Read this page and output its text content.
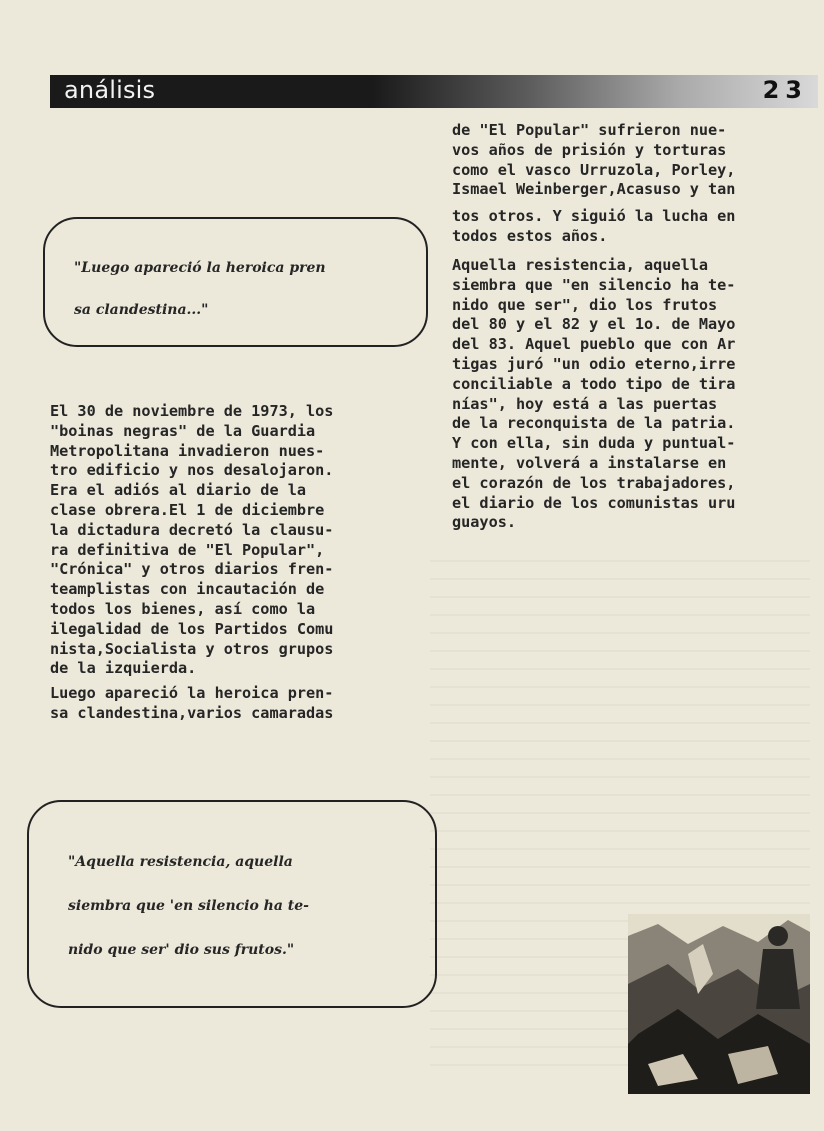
análisis	23

"Luego apareció la heroica pren
sa clandestina..."

El 30 de noviembre de 1973, los
"boinas negras" de la Guardia
Metropolitana invadieron nues-
tro edificio y nos desalojaron.
Era el adiós al diario de la
clase obrera.El 1 de diciembre
la dictadura decretó la clausu-
ra definitiva de "El Popular",
"Crónica" y otros diarios fren-
teamplistas con incautación de
todos los bienes, así como la
ilegalidad de los Partidos Comu
nista,Socialista y otros grupos
de la izquierda.

Luego apareció la heroica pren-
sa clandestina,varios camaradas

de "El Popular" sufrieron nue-
vos años de prisión y torturas
como el vasco Urruzola, Porley,
Ismael Weinberger,Acasuso y tan

tos otros. Y siguió la lucha en
todos estos años.

Aquella resistencia, aquella
siembra que "en silencio ha te-
nido que ser", dio los frutos
del 80 y el 82 y el 1o. de Mayo
del 83. Aquel pueblo que con Ar
tigas juró "un odio eterno,irre
conciliable a todo tipo de tira
nías", hoy está a las puertas
de la reconquista de la patria.
Y con ella, sin duda y puntual-
mente, volverá a instalarse en
el corazón de los trabajadores,
el diario de los comunistas uru
guayos.

"Aquella resistencia, aquella
siembra que 'en silencio ha te-
nido que ser' dio sus frutos."
